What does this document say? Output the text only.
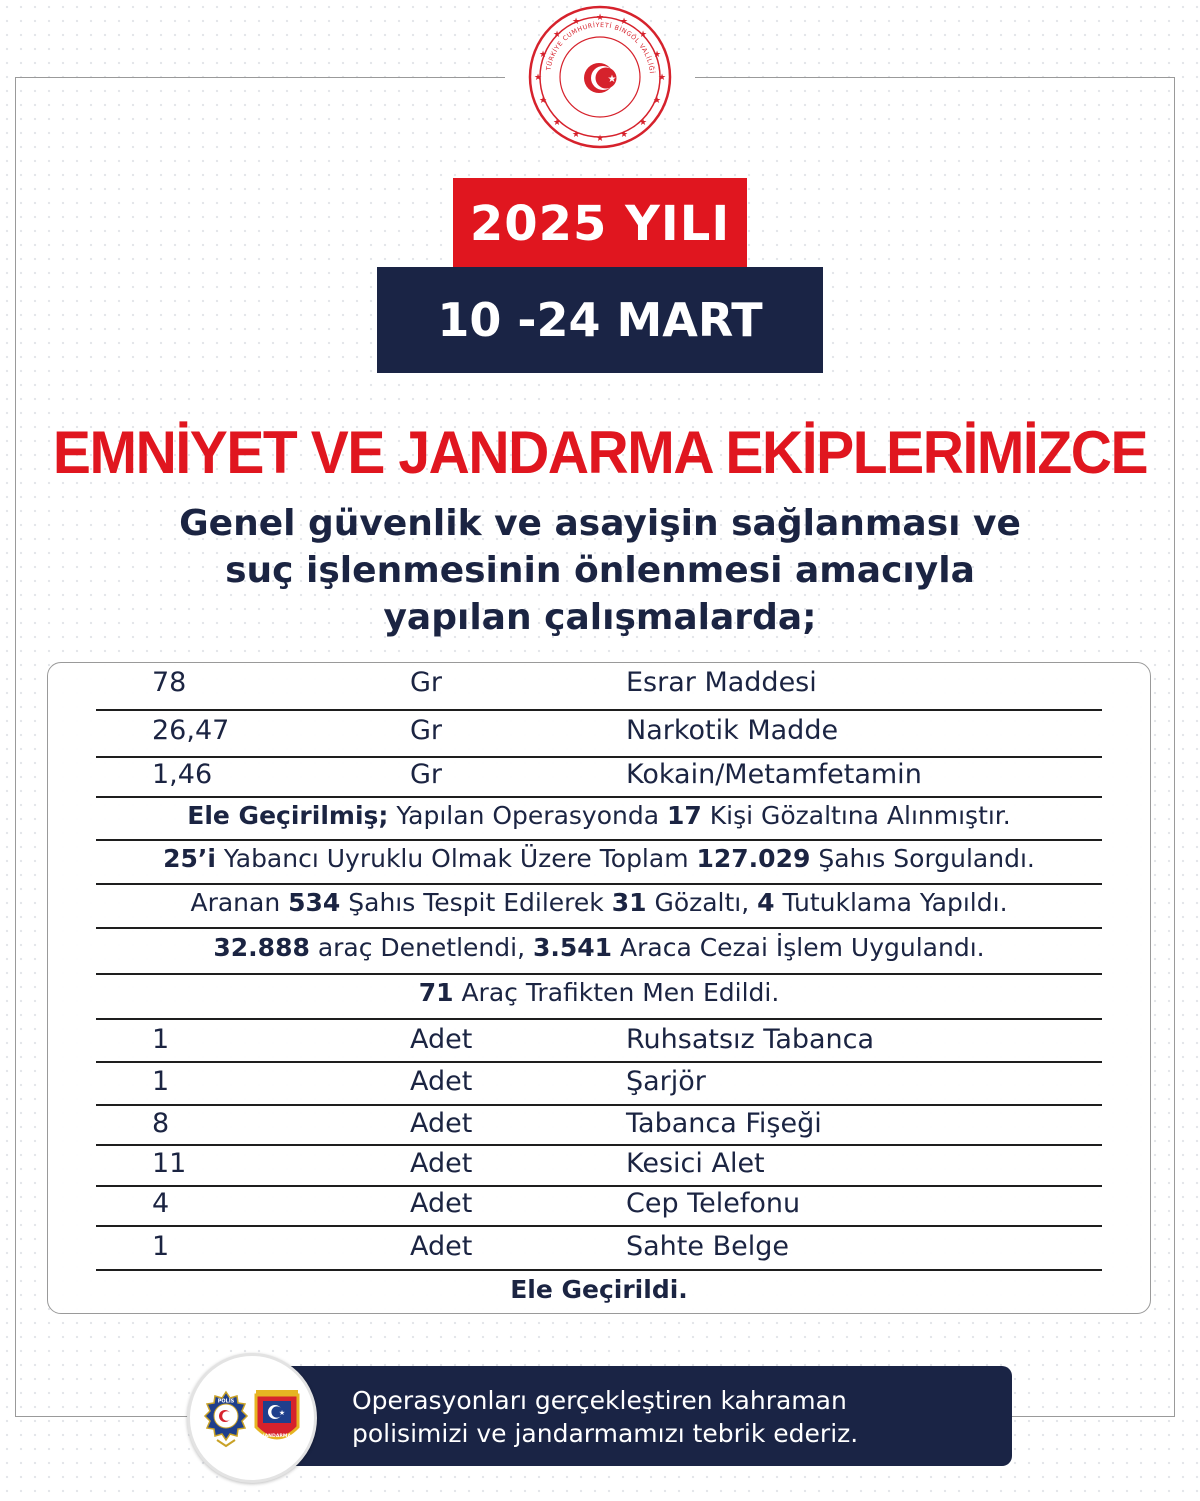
★
★
★	★
★	★
★	★
★	★
★	★
★	★
★	★
TÜRKİYE CUMHURİYETİ BİNGÖL VALİLİĞİ
★
2025 YILI
10 -24 MART
EMNİYET VE JANDARMA EKİPLERİMİZCE
Genel güvenlik ve asayişin sağlanması ve
suç işlenmesinin önlenmesi amacıyla
yapılan çalışmalarda;
78	Gr	Esrar Maddesi
26,47	Gr	Narkotik Madde
1,46	Gr	Kokain/Metamfetamin
Ele Geçirilmiş; Yapılan Operasyonda 17 Kişi Gözaltına Alınmıştır.
25’i Yabancı Uyruklu Olmak Üzere Toplam 127.029 Şahıs Sorgulandı.
Aranan 534 Şahıs Tespit Edilerek 31 Gözaltı, 4 Tutuklama Yapıldı.
32.888 araç Denetlendi, 3.541 Araca Cezai İşlem Uygulandı.
71 Araç Trafikten Men Edildi.
1	Adet	Ruhsatsız Tabanca
1	Adet	Şarjör
8	Adet	Tabanca Fişeği
11	Adet	Kesici Alet
4	Adet	Cep Telefonu
1	Adet	Sahte Belge
Ele Geçirildi.
Operasyonları gerçekleştiren kahraman
polisimizi ve jandarmamızı tebrik ederiz.
POLİS
★
JANDARMA
